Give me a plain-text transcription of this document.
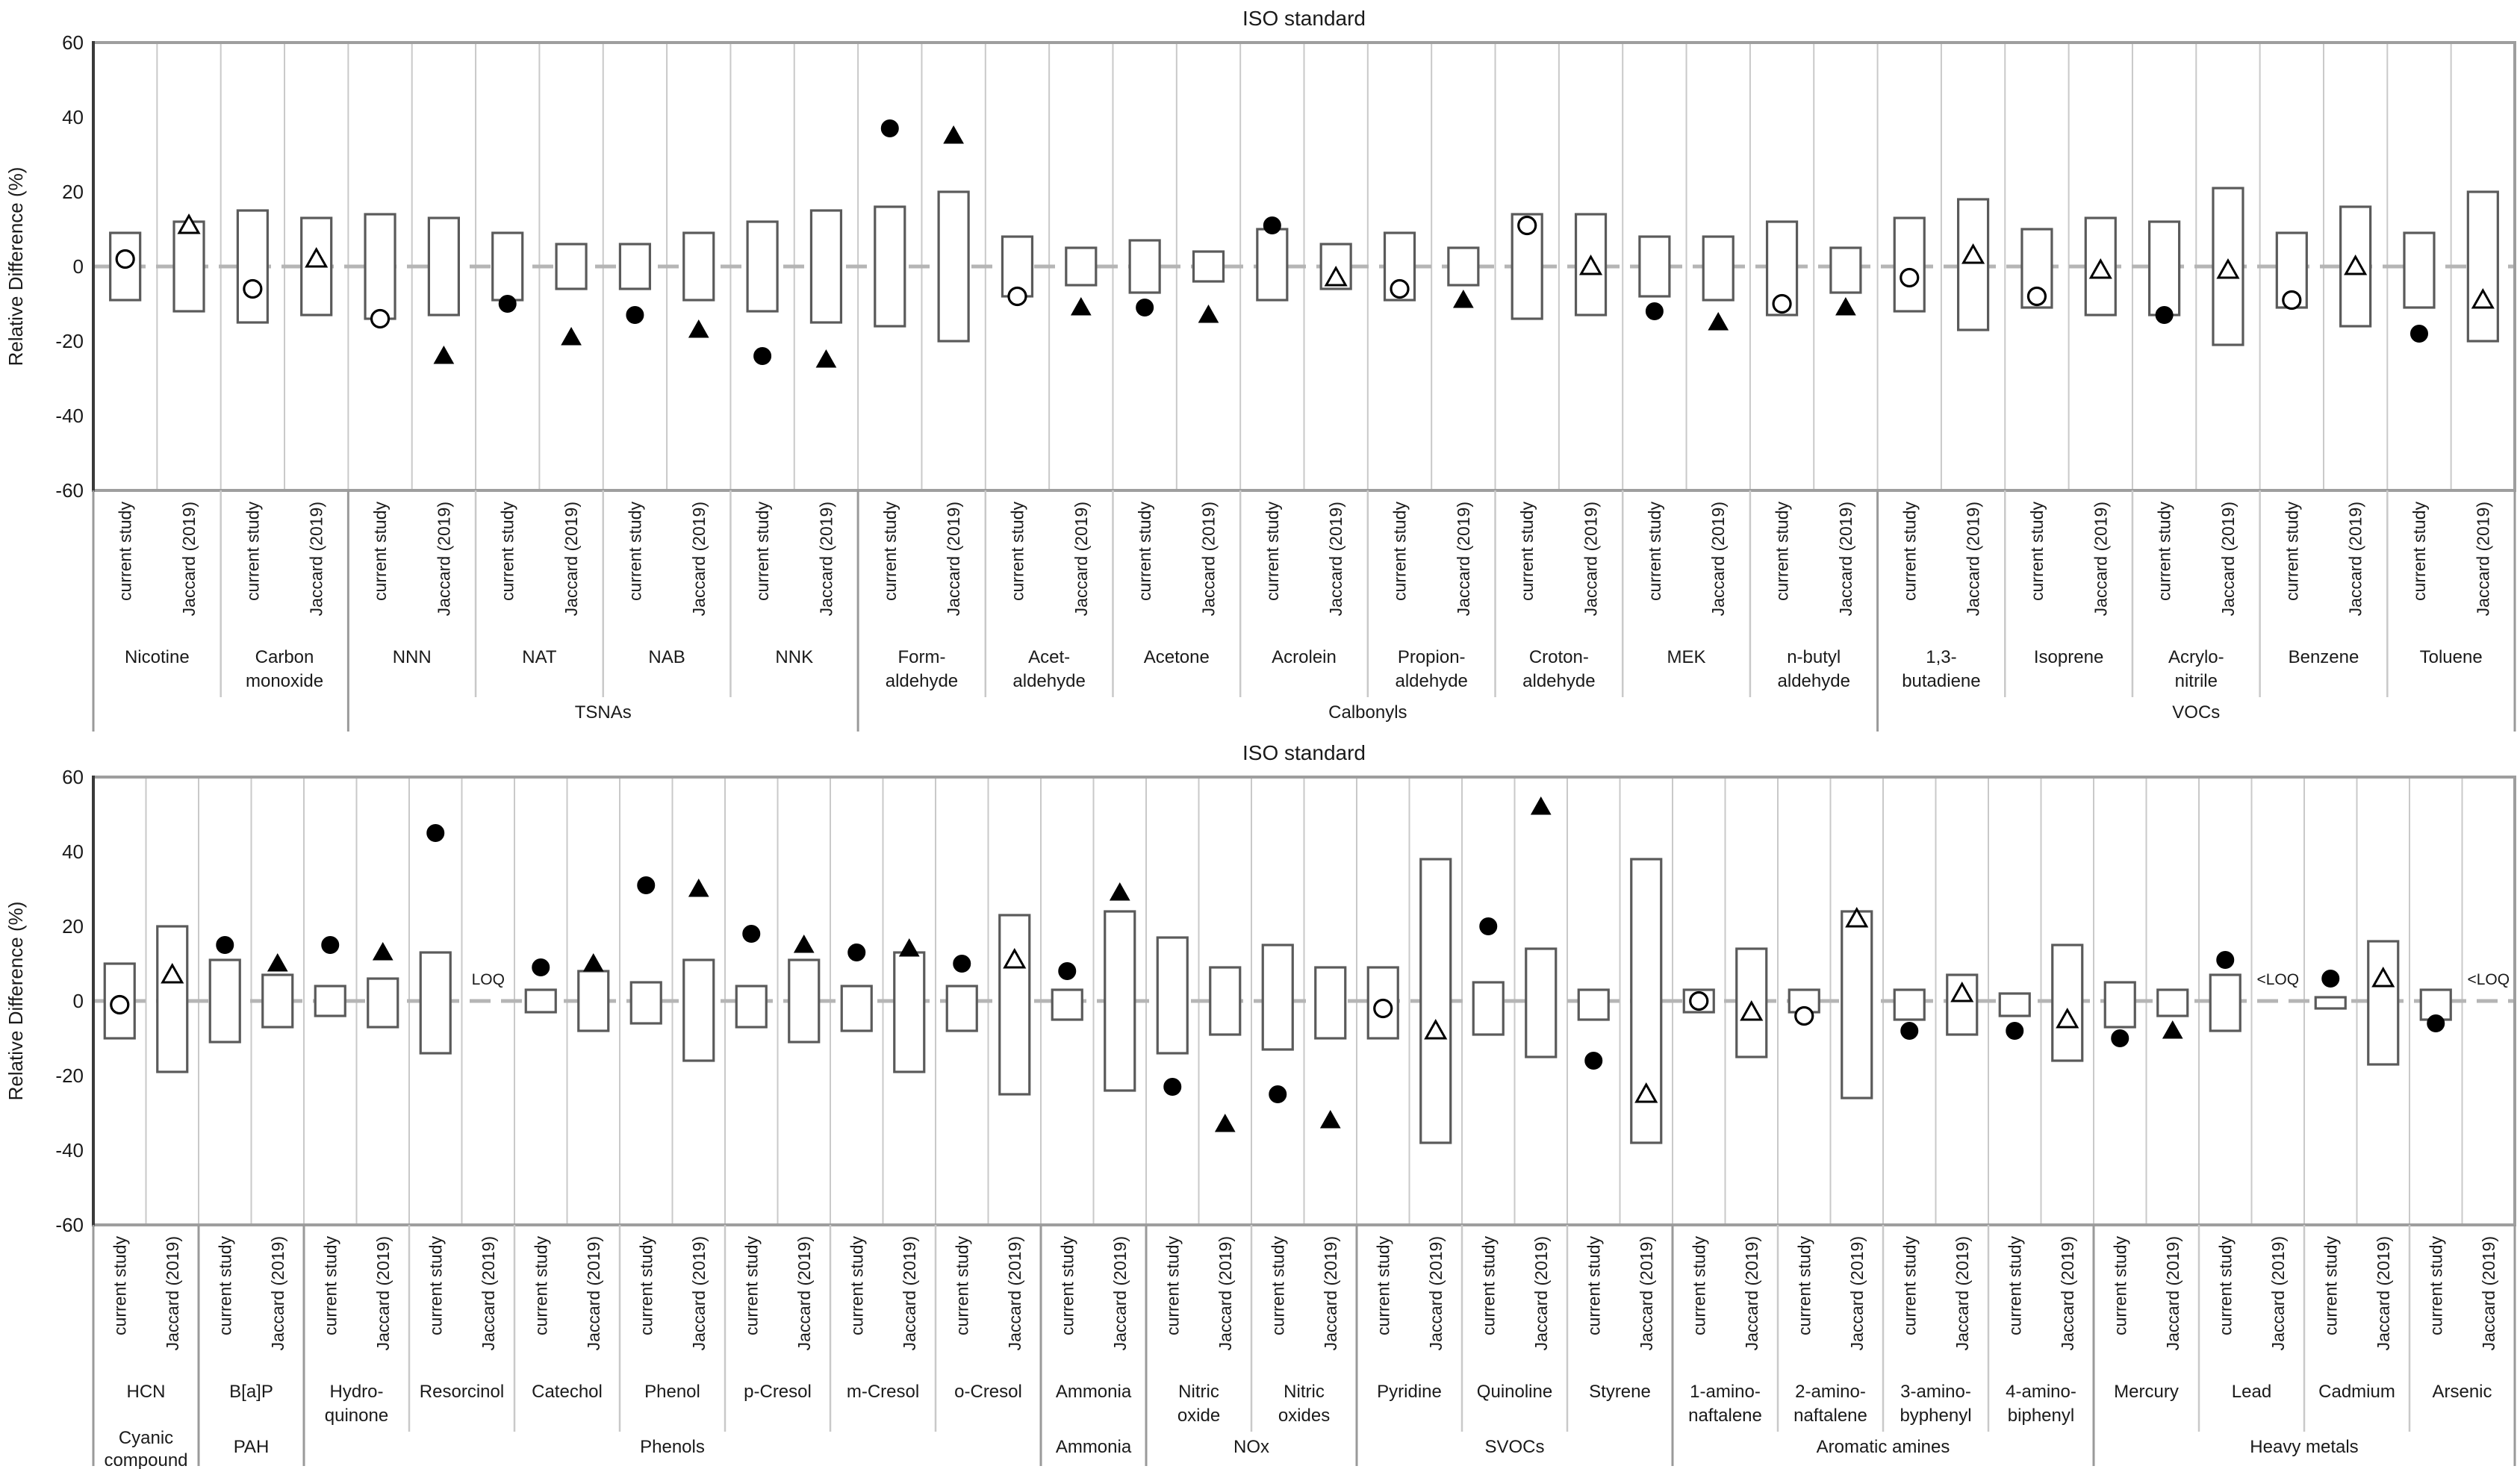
ISO standard
60
40
20
0
-20
-40
-60
Relative Difference (%)
current study	Jaccard (2019)
Nicotine
current study	Jaccard (2019)
Carbon
monoxide
current study	Jaccard (2019)
NNN
current study	Jaccard (2019)
NAT
current study	Jaccard (2019)
NAB
current study	Jaccard (2019)
NNK
current study	Jaccard (2019)
Form-
aldehyde
current study	Jaccard (2019)
Acet-
aldehyde
current study	Jaccard (2019)
Acetone
current study	Jaccard (2019)
Acrolein
current study	Jaccard (2019)
Propion-
aldehyde
current study	Jaccard (2019)
Croton-
aldehyde
current study	Jaccard (2019)
MEK
current study	Jaccard (2019)
n-butyl
aldehyde
current study	Jaccard (2019)
1,3-
butadiene
current study	Jaccard (2019)
Isoprene
current study	Jaccard (2019)
Acrylo-
nitrile
current study	Jaccard (2019)
Benzene
current study	Jaccard (2019)
Toluene
TSNAs	Calbonyls	VOCs
ISO standard
60
40
20
0
-20
-40
-60
Relative Difference (%)
current study Jaccard (2019)
HCN
current study Jaccard (2019)
B[a]P
current study Jaccard (2019)
Hydro-
quinone
current study Jaccard (2019)
LOQ
Resorcinol
current study Jaccard (2019)
Catechol
current study Jaccard (2019)
Phenol
current study Jaccard (2019)
p-Cresol
current study Jaccard (2019)
m-Cresol
current study Jaccard (2019)
o-Cresol
current study Jaccard (2019)
Ammonia
current study Jaccard (2019)
Nitric
oxide
current study Jaccard (2019)
Nitric
oxides
current study Jaccard (2019)
Pyridine
current study Jaccard (2019)
Quinoline
current study Jaccard (2019)
Styrene
current study Jaccard (2019)
1-amino-
naftalene
current study Jaccard (2019)
2-amino-
naftalene
current study Jaccard (2019)
3-amino-
byphenyl
current study Jaccard (2019)
4-amino-
biphenyl
current study Jaccard (2019)
Mercury
current study Jaccard (2019)
<LOQ
Lead
current study Jaccard (2019)
Cadmium
current study Jaccard (2019)
<LOQ
Arsenic
Cyanic
compound
PAH	Phenols	Ammonia	NOx	SVOCs	Aromatic amines	Heavy metals
